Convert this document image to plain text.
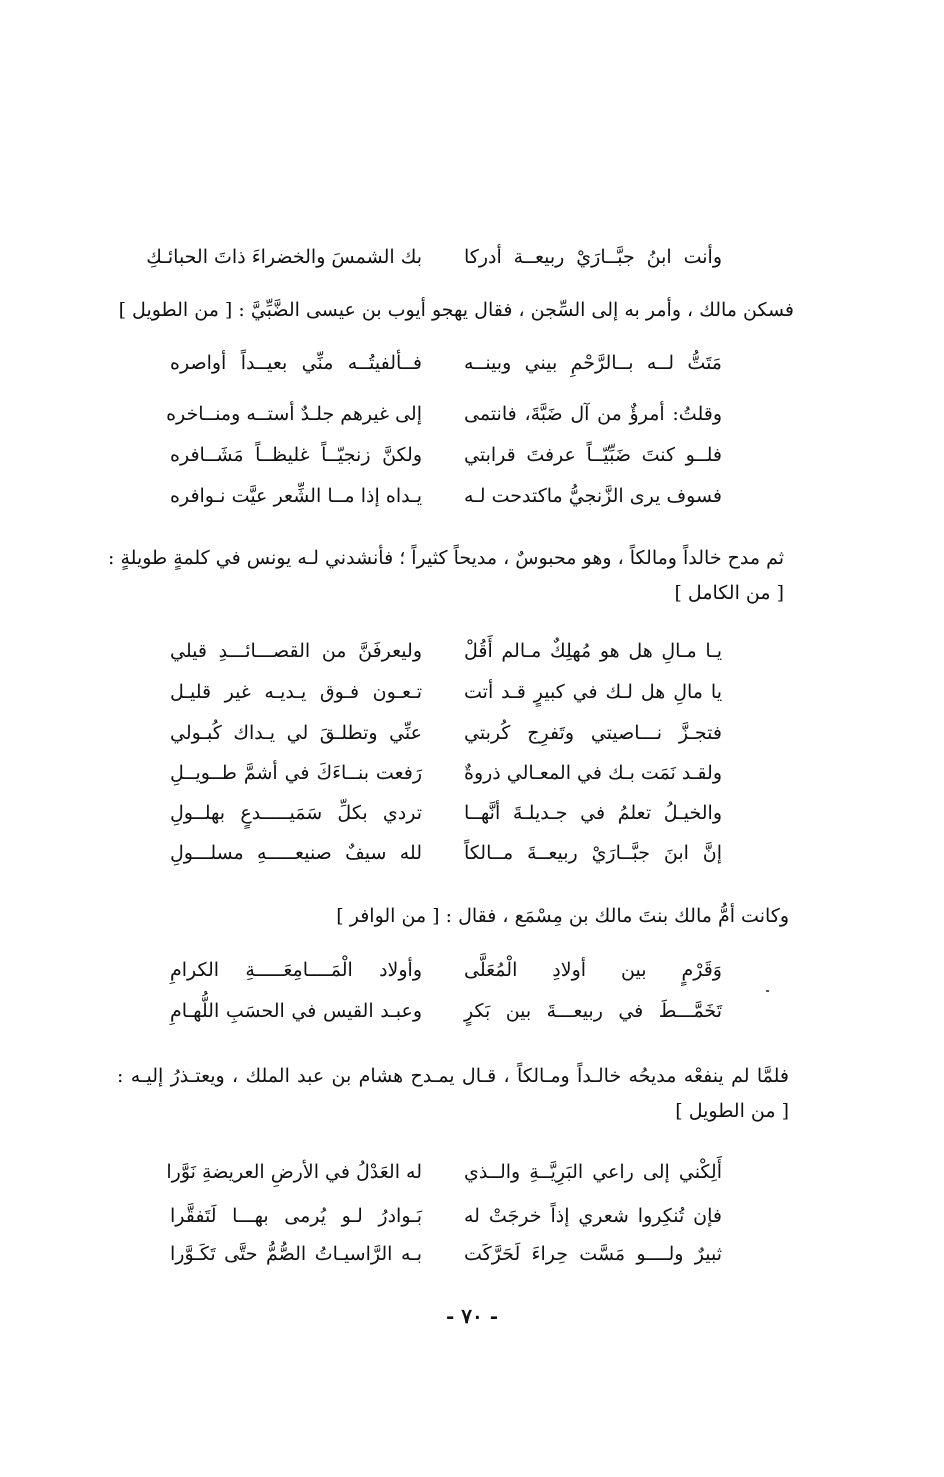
وأنت ابنُ جبَّــارَيْ ربيعــة أدركا
بك الشمسَ والخضراءَ ذاتَ الحبائـكِ
فسكن مالك ، وأمر به إلى السِّجن ، فقال يهجو أيوب بن عيسى الضَّبِّيَّ : [ من الطويل ]
مَتَتُّ لــه بــالرَّحْمِ بيني وبينــه
فــألفيتُــه منِّي بعيــداً أواصره
وقلتُ: أمرؤٌ من آل ضَبَّةَ، فانتمى
إلى غيرهم جلـدٌ أستــه ومنــاخره
فلــو كنتَ ضَبِّيّــاً عرفتَ قرابتي
ولكنَّ زنجيّــاً غليظــاً مَشَــافره
فسوف يرى الزَّنجيُّ ماكتدحت لـه
يـداه إذا مــا الشِّعر عيَّت نـوافره
ثم مدح خالداً ومالكاً ، وهو محبوسٌ ، مديحاً كثيراً ؛ فأنشدني لـه يونس في كلمةٍ طويلةٍ :
[ من الكامل ]
يـا مـالِ هل هو مُهلِكٌ مـالم أَقُلْ
وليعرفَنَّ من القصـــائـــدِ قيلي
يا مالِ هل لـك في كبيرٍ قـد أتت
تـعـون فـوق يـديـه غير قليـل
فتجـزَّ نـــاصيتي وتَفرِج كُربتي
عنِّي وتطلـقَ لي يـداك كُبـولي
ولقـد نَمَت بـك في المعـالي ذروةٌ
رَفعت بنــاءَكَ في أشمَّ طــويــلِ
والخيـلُ تعلمُ في جـديلـةَ أنَّهــا
تردي بكلِّ سَمَيـــــدعٍ بهلــولِ
إنَّ ابنَ جبَّــارَيْ ربيعــةَ مــالكاً
لله سيفٌ صنيعـــــهِ مسلـــولِ
وكانت أمُّ مالك بنتَ مالك بن مِسْمَع ، فقال : [ من الوافر ]
وَقَرْمٍ بين أولادِ الْمُعَلَّى
وأولاد الْمَــــامِعَـــــةِ الكرامِ
تَخَمَّـــطَ في ربيعـــةَ بين بَكرٍ
وعبـد القيس في الحسَبِ اللُّهـامِ
فلمَّا لم ينفعْه مديحُه خالـداً ومـالكاً ، قـال يمـدح هشام بن عبد الملك ، ويعتـذرُ إليـه :
[ من الطويل ]
أَلِكْني إلى راعي البَرِيَّــةِ والــذي
له العَدْلُ في الأرضِ العريضةِ نَوَّرا
فإن تُنكِروا شعري إذاً خرجَتْ له
بَـوادرُ لـو يُرمى بهـــا لَتَفقَّرا
ثبيرٌ ولــــو مَسَّت حِراءَ لَحَرَّكَت
بـه الرَّاسيـاتُ الصُّمُّ حتَّى تَكَـوَّرا
- ٧٠ -
